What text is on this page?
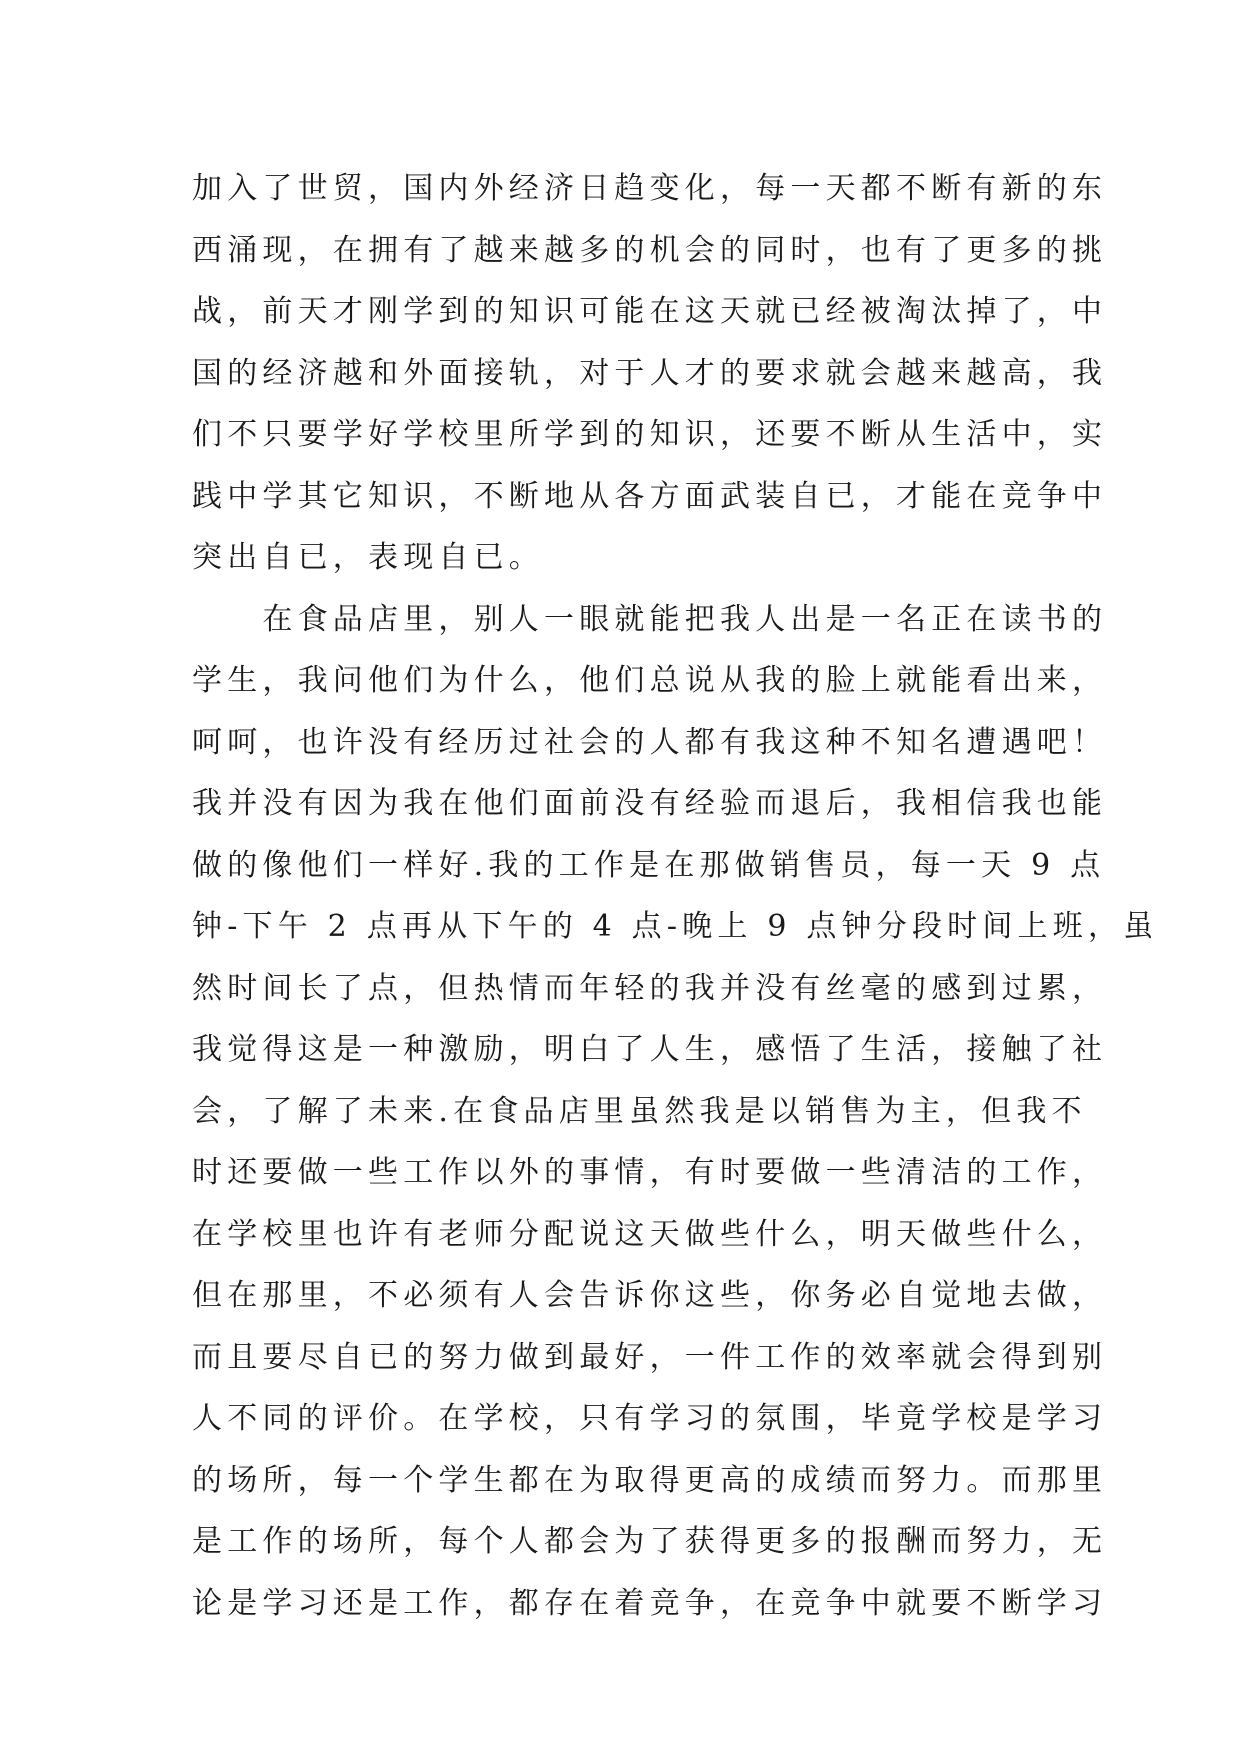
加入了世贸，国内外经济日趋变化，每一天都不断有新的东
西涌现，在拥有了越来越多的机会的同时，也有了更多的挑
战，前天才刚学到的知识可能在这天就已经被淘汰掉了，中
国的经济越和外面接轨，对于人才的要求就会越来越高，我
们不只要学好学校里所学到的知识，还要不断从生活中，实
践中学其它知识，不断地从各方面武装自已，才能在竞争中
突出自已，表现自已。
　　在食品店里，别人一眼就能把我人出是一名正在读书的
学生，我问他们为什么，他们总说从我的脸上就能看出来，
呵呵，也许没有经历过社会的人都有我这种不知名遭遇吧！
我并没有因为我在他们面前没有经验而退后，我相信我也能
做的像他们一样好.我的工作是在那做销售员，每一天 9 点
钟-下午 2 点再从下午的 4 点-晚上 9 点钟分段时间上班，虽
然时间长了点，但热情而年轻的我并没有丝毫的感到过累，
我觉得这是一种激励，明白了人生，感悟了生活，接触了社
会，了解了未来.在食品店里虽然我是以销售为主，但我不
时还要做一些工作以外的事情，有时要做一些清洁的工作，
在学校里也许有老师分配说这天做些什么，明天做些什么，
但在那里，不必须有人会告诉你这些，你务必自觉地去做，
而且要尽自已的努力做到最好，一件工作的效率就会得到别
人不同的评价。在学校，只有学习的氛围，毕竟学校是学习
的场所，每一个学生都在为取得更高的成绩而努力。而那里
是工作的场所，每个人都会为了获得更多的报酬而努力，无
论是学习还是工作，都存在着竞争，在竞争中就要不断学习
